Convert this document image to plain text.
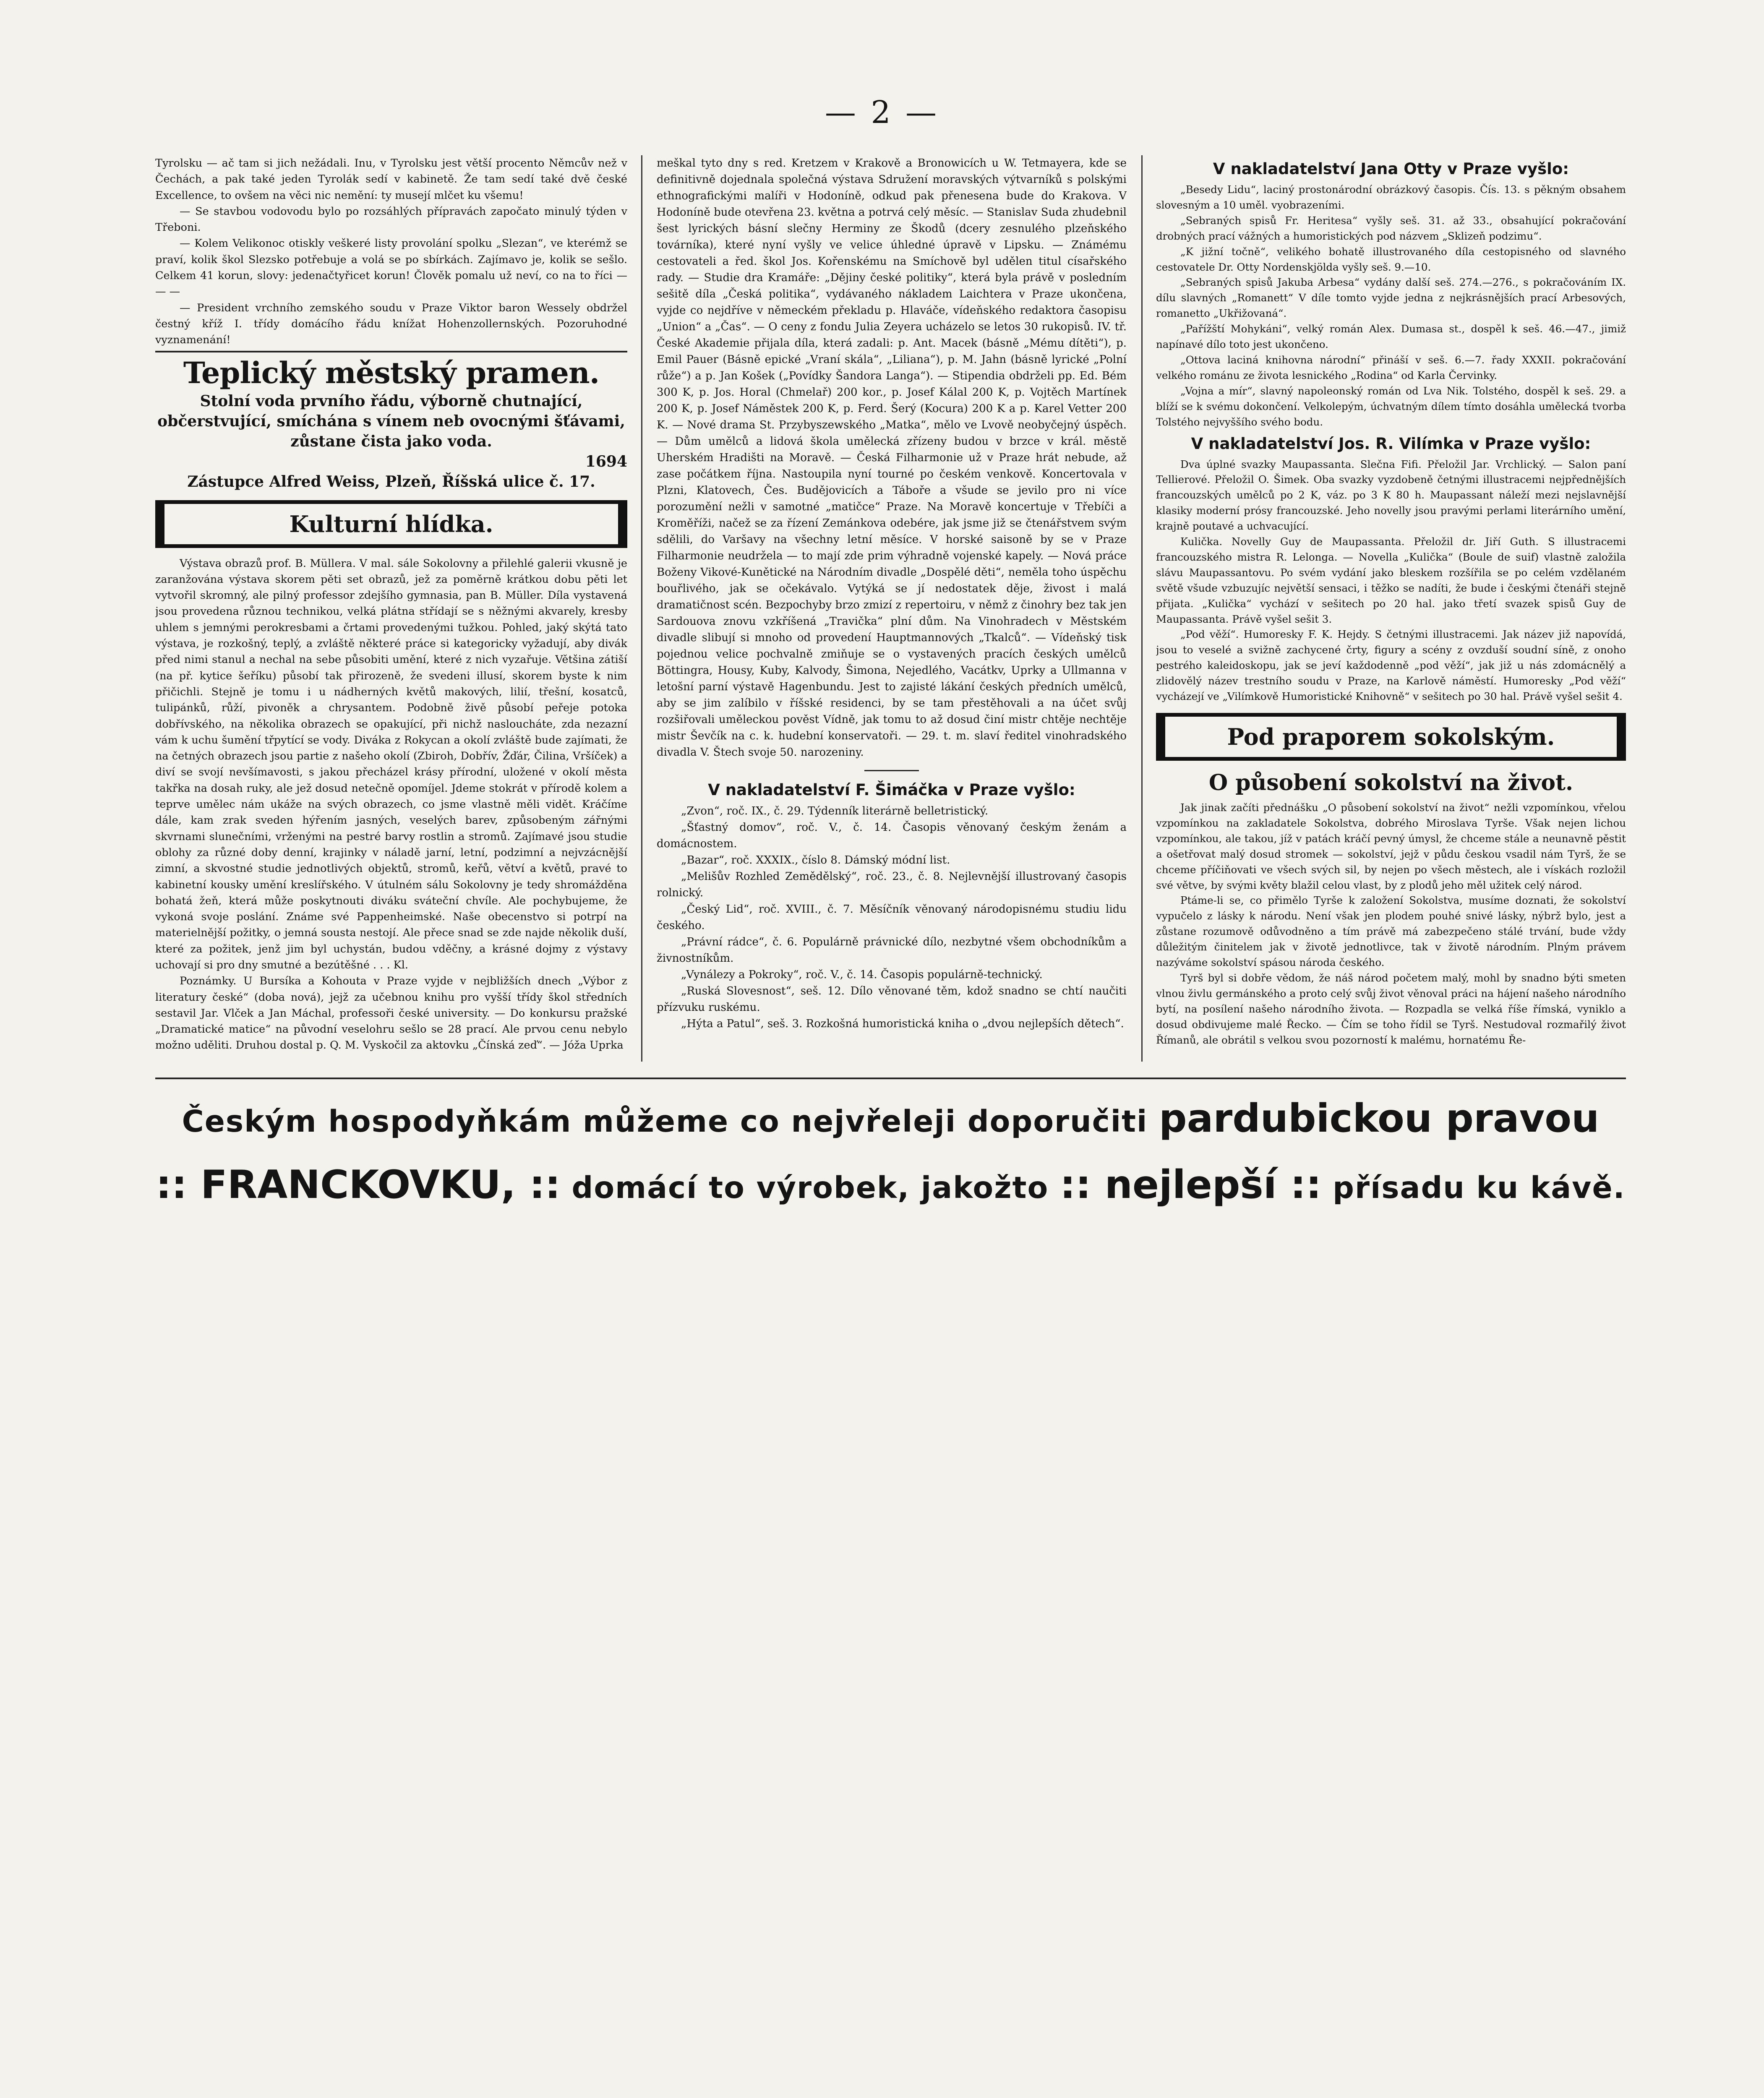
— 2 —

Tyrolsku — ač tam si jich nežádali. Inu, v Tyrolsku jest větší procento Němcův než v Čechách, a pak také jeden Tyrolák sedí v kabinetě. Že tam sedí také dvě české Excellence, to ovšem na věci nic nemění: ty musejí mlčet ku všemu!

— Se stavbou vodovodu bylo po rozsáhlých přípravách započato minulý týden v Třeboni.

— Kolem Velikonoc otiskly veškeré listy provolání spolku „Slezan“, ve kterémž se praví, kolik škol Slezsko potřebuje a volá se po sbírkách. Zajímavo je, kolik se sešlo. Celkem 41 korun, slovy: jedenačtyřicet korun! Člověk pomalu už neví, co na to říci — — —

— President vrchního zemského soudu v Praze Viktor baron Wessely obdržel čestný kříž I. třídy domácího řádu knížat Hohenzollernských. Pozoruhodné vyznamenání!

Teplický městský pramen.
Stolní voda prvního řádu, výborně chutnající, občerstvující, smíchána s vínem neb ovocnými šťávami, zůstane čista jako voda.
1694
Zástupce Alfred Weiss, Plzeň, Říšská ulice č. 17.
Kulturní hlídka.

Výstava obrazů prof. B. Müllera. V mal. sále Sokolovny a přilehlé galerii vkusně je zaranžována výstava skorem pěti set obrazů, jež za poměrně krátkou dobu pěti let vytvořil skromný, ale pilný professor zdejšího gymnasia, pan B. Müller. Díla vystavená jsou provedena různou technikou, velká plátna střídají se s něžnými akvarely, kresby uhlem s jemnými perokresbami a črtami provedenými tužkou. Pohled, jaký skýtá tato výstava, je rozkošný, teplý, a zvláště některé práce si kategoricky vyžadují, aby divák před nimi stanul a nechal na sebe působiti umění, které z nich vyzařuje. Většina zátiší (na př. kytice šeříku) působí tak přirozeně, že svedeni illusí, skorem byste k nim přičichli. Stejně je tomu i u nádherných květů makových, lilií, třešní, kosatců, tulipánků, růží, pivoněk a chrysantem. Podobně živě působí peřeje potoka dobřívského, na několika obrazech se opakující, při nichž nasloucháte, zda nezazní vám k uchu šumění třpytící se vody. Diváka z Rokycan a okolí zvláště bude zajímati, že na četných obrazech jsou partie z našeho okolí (Zbiroh, Dobřív, Žďár, Čilina, Vršíček) a diví se svojí nevšímavosti, s jakou přecházel krásy přírodní, uložené v okolí města takřka na dosah ruky, ale jež dosud netečně opomíjel. Jdeme stokrát v přírodě kolem a teprve umělec nám ukáže na svých obrazech, co jsme vlastně měli vidět. Kráčíme dále, kam zrak sveden hýřením jasných, veselých barev, způsobeným zářnými skvrnami slunečními, vrženými na pestré barvy rostlin a stromů. Zajímavé jsou studie oblohy za různé doby denní, krajinky v náladě jarní, letní, podzimní a nejvzácnější zimní, a skvostné studie jednotlivých objektů, stromů, keřů, větví a květů, pravé to kabinetní kousky umění kreslířského. V útulném sálu Sokolovny je tedy shromážděna bohatá žeň, která může poskytnouti diváku sváteční chvíle. Ale pochybujeme, že vykoná svoje poslání. Známe své Pappenheimské. Naše obecenstvo si potrpí na materielnější požitky, o jemná sousta nestojí. Ale přece snad se zde najde několik duší, které za požitek, jenž jim byl uchystán, budou vděčny, a krásné dojmy z výstavy uchovají si pro dny smutné a bezútěšné . . . Kl.

Poznámky. U Bursíka a Kohouta v Praze vyjde v nejbližších dnech „Výbor z literatury české“ (doba nová), jejž za učebnou knihu pro vyšší třídy škol středních sestavil Jar. Vlček a Jan Máchal, professoři české university. — Do konkursu pražské „Dramatické matice“ na původní veselohru sešlo se 28 prací. Ale prvou cenu nebylo možno uděliti. Druhou dostal p. Q. M. Vyskočil za aktovku „Čínská zeď“. — Jóža Uprka

meškal tyto dny s red. Kretzem v Krakově a Bronowicích u W. Tetmayera, kde se definitivně dojednala společná výstava Sdružení moravských výtvarníků s polskými ethnografickými malíři v Hodoníně, odkud pak přenesena bude do Krakova. V Hodoníně bude otevřena 23. května a potrvá celý měsíc. — Stanislav Suda zhudebnil šest lyrických básní slečny Herminy ze Škodů (dcery zesnulého plzeňského továrníka), které nyní vyšly ve velice úhledné úpravě v Lipsku. — Známému cestovateli a řed. škol Jos. Kořenskému na Smíchově byl udělen titul císařského rady. — Studie dra Kramáře: „Dějiny české politiky“, která byla právě v posledním sešitě díla „Česká politika“, vydávaného nákladem Laichtera v Praze ukončena, vyjde co nejdříve v německém překladu p. Hlaváče, vídeňského redaktora časopisu „Union“ a „Čas“. — O ceny z fondu Julia Zeyera ucházelo se letos 30 rukopisů. IV. tř. České Akademie přijala díla, která zadali: p. Ant. Macek (básně „Mému dítěti“), p. Emil Pauer (Básně epické „Vraní skála“, „Liliana“), p. M. Jahn (básně lyrické „Polní růže“) a p. Jan Košek („Povídky Šandora Langa“). — Stipendia obdrželi pp. Ed. Bém 300 K, p. Jos. Horal (Chmelař) 200 kor., p. Josef Kálal 200 K, p. Vojtěch Martínek 200 K, p. Josef Náměstek 200 K, p. Ferd. Šerý (Kocura) 200 K a p. Karel Vetter 200 K. — Nové drama St. Przybyszewského „Matka“, mělo ve Lvově neobyčejný úspěch. — Dům umělců a lidová škola umělecká zřízeny budou v brzce v král. městě Uherském Hradišti na Moravě. — Česká Filharmonie už v Praze hrát nebude, až zase počátkem října. Nastoupila nyní tourné po českém venkově. Koncertovala v Plzni, Klatovech, Čes. Budějovicích a Táboře a všude se jevilo pro ni více porozumění nežli v samotné „matičce“ Praze. Na Moravě koncertuje v Třebíči a Kroměříži, načež se za řízení Zemánkova odebére, jak jsme již se čtenářstvem svým sdělili, do Varšavy na všechny letní měsíce. V horské saisoně by se v Praze Filharmonie neudržela — to mají zde prim výhradně vojenské kapely. — Nová práce Boženy Vikové-Kunětické na Národním divadle „Dospělé děti“, neměla toho úspěchu bouřlivého, jak se očekávalo. Vytýká se jí nedostatek děje, živost i malá dramatičnost scén. Bezpochyby brzo zmizí z repertoiru, v němž z činohry bez tak jen Sardouova znovu vzkříšená „Travička“ plní dům. Na Vinohradech v Městském divadle slibují si mnoho od provedení Hauptmannových „Tkalců“. — Vídeňský tisk pojednou velice pochvalně zmiňuje se o vystavených pracích českých umělců Böttingra, Housy, Kuby, Kalvody, Šimona, Nejedlého, Vacátkv, Uprky a Ullmanna v letošní parní výstavě Hagenbundu. Jest to zajisté lákání českých předních umělců, aby se jim zalíbilo v říšské residenci, by se tam přestěhovali a na účet svůj rozšiřovali uměleckou pověst Vídně, jak tomu to až dosud činí mistr chtěje nechtěje mistr Ševčík na c. k. hudební konservatoři. — 29. t. m. slaví ředitel vinohradského divadla V. Štech svoje 50. narozeniny.

V nakladatelství F. Šimáčka v Praze vyšlo:

„Zvon“, roč. IX., č. 29. Týdenník literárně belletristický.

„Šťastný domov“, roč. V., č. 14. Časopis věnovaný českým ženám a domácnostem.

„Bazar“, roč. XXXIX., číslo 8. Dámský módní list.

„Melišův Rozhled Zemědělský“, roč. 23., č. 8. Nejlevnější illustrovaný časopis rolnický.

„Český Lid“, roč. XVIII., č. 7. Měsíčník věnovaný národopisnému studiu lidu českého.

„Právní rádce“, č. 6. Populárně právnické dílo, nezbytné všem obchodníkům a živnostníkům.

„Vynálezy a Pokroky“, roč. V., č. 14. Časopis populárně-technický.

„Ruská Slovesnost“, seš. 12. Dílo věnované těm, kdož snadno se chtí naučiti přízvuku ruskému.

„Hýta a Patul“, seš. 3. Rozkošná humoristická kniha o „dvou nejlepších dětech“.

V nakladatelství Jana Otty v Praze vyšlo:

„Besedy Lidu“, laciný prostonárodní obrázkový časopis. Čís. 13. s pěkným obsahem slovesným a 10 uměl. vyobrazeními.

„Sebraných spisů Fr. Heritesa“ vyšly seš. 31. až 33., obsahující pokračování drobných prací vážných a humoristických pod názvem „Sklizeň podzimu“.

„K jižní točně“, velikého bohatě illustrovaného díla cestopisného od slavného cestovatele Dr. Otty Nordenskjölda vyšly seš. 9.—10.

„Sebraných spisů Jakuba Arbesa“ vydány další seš. 274.—276., s pokračováním IX. dílu slavných „Romanett“ V díle tomto vyjde jedna z nejkrásnějších prací Arbesových, romanetto „Ukřižovaná“.

„Pařížští Mohykáni“, velký román Alex. Dumasa st., dospěl k seš. 46.—47., jimiž napínavé dílo toto jest ukončeno.

„Ottova laciná knihovna národní“ přináší v seš. 6.—7. řady XXXII. pokračování velkého románu ze života lesnického „Rodina“ od Karla Červinky.

„Vojna a mír“, slavný napoleonský román od Lva Nik. Tolstého, dospěl k seš. 29. a blíží se k svému dokončení. Velkolepým, úchvatným dílem tímto dosáhla umělecká tvorba Tolstého nejvyššího svého bodu.

V nakladatelství Jos. R. Vilímka v Praze vyšlo:

Dva úplné svazky Maupassanta. Slečna Fifi. Přeložil Jar. Vrchlický. — Salon paní Tellierové. Přeložil O. Šimek. Oba svazky vyzdobeně četnými illustracemi nejpřednějších francouzských umělců po 2 K, váz. po 3 K 80 h. Maupassant náleží mezi nejslavnější klasiky moderní prósy francouzské. Jeho novelly jsou pravými perlami literárního umění, krajně poutavé a uchvacující.

Kulička. Novelly Guy de Maupassanta. Přeložil dr. Jiří Guth. S illustracemi francouzského mistra R. Lelonga. — Novella „Kulička“ (Boule de suif) vlastně založila slávu Maupassantovu. Po svém vydání jako bleskem rozšířila se po celém vzdělaném světě všude vzbuzujíc největší sensaci, i těžko se nadíti, že bude i českými čtenáři stejně přijata. „Kulička“ vychází v sešitech po 20 hal. jako třetí svazek spisů Guy de Maupassanta. Právě vyšel sešit 3.

„Pod věží“. Humoresky F. K. Hejdy. S četnými illustracemi. Jak název již napovídá, jsou to veselé a svižně zachycené črty, figury a scény z ovzduší soudní síně, z onoho pestrého kaleidoskopu, jak se jeví každodenně „pod věží“, jak již u nás zdomácnělý a zlidovělý název trestního soudu v Praze, na Karlově náměstí. Humoresky „Pod věží“ vycházejí ve „Vilímkově Humoristické Knihovně“ v sešitech po 30 hal. Právě vyšel sešit 4.

Pod praporem sokolským.
O působení sokolství na život.

Jak jinak začíti přednášku „O působení sokolství na život“ nežli vzpomínkou, vřelou vzpomínkou na zakladatele Sokolstva, dobrého Miroslava Tyrše. Však nejen lichou vzpomínkou, ale takou, jíž v patách kráčí pevný úmysl, že chceme stále a neunavně pěstit a ošetřovat malý dosud stromek — sokolství, jejž v půdu českou vsadil nám Tyrš, že se chceme příčiňovati ve všech svých sil, by nejen po všech městech, ale i vískách rozložil své větve, by svými květy blažil celou vlast, by z plodů jeho měl užitek celý národ.

Ptáme-li se, co přimělo Tyrše k založení Sokolstva, musíme doznati, že sokolství vypučelo z lásky k národu. Není však jen plodem pouhé snivé lásky, nýbrž bylo, jest a zůstane rozumově odůvodněno a tím právě má zabezpečeno stálé trvání, bude vždy důležitým činitelem jak v životě jednotlivce, tak v životě národním. Plným právem nazýváme sokolství spásou národa českého.

Tyrš byl si dobře vědom, že náš národ početem malý, mohl by snadno býti smeten vlnou živlu germánského a proto celý svůj život věnoval práci na hájení našeho národního bytí, na posílení našeho národního života. — Rozpadla se velká říše římská, vyniklo a dosud obdivujeme malé Řecko. — Čím se toho řídil se Tyrš. Nestudoval rozmařilý život Římanů, ale obrátil s velkou svou pozorností k malému, hornatému Ře-

Českým hospodyňkám můžeme co nejvřeleji doporučiti pardubickou pravou
:: FRANCKOVKU, :: domácí to výrobek, jakožto :: nejlepší :: přísadu ku kávě.
